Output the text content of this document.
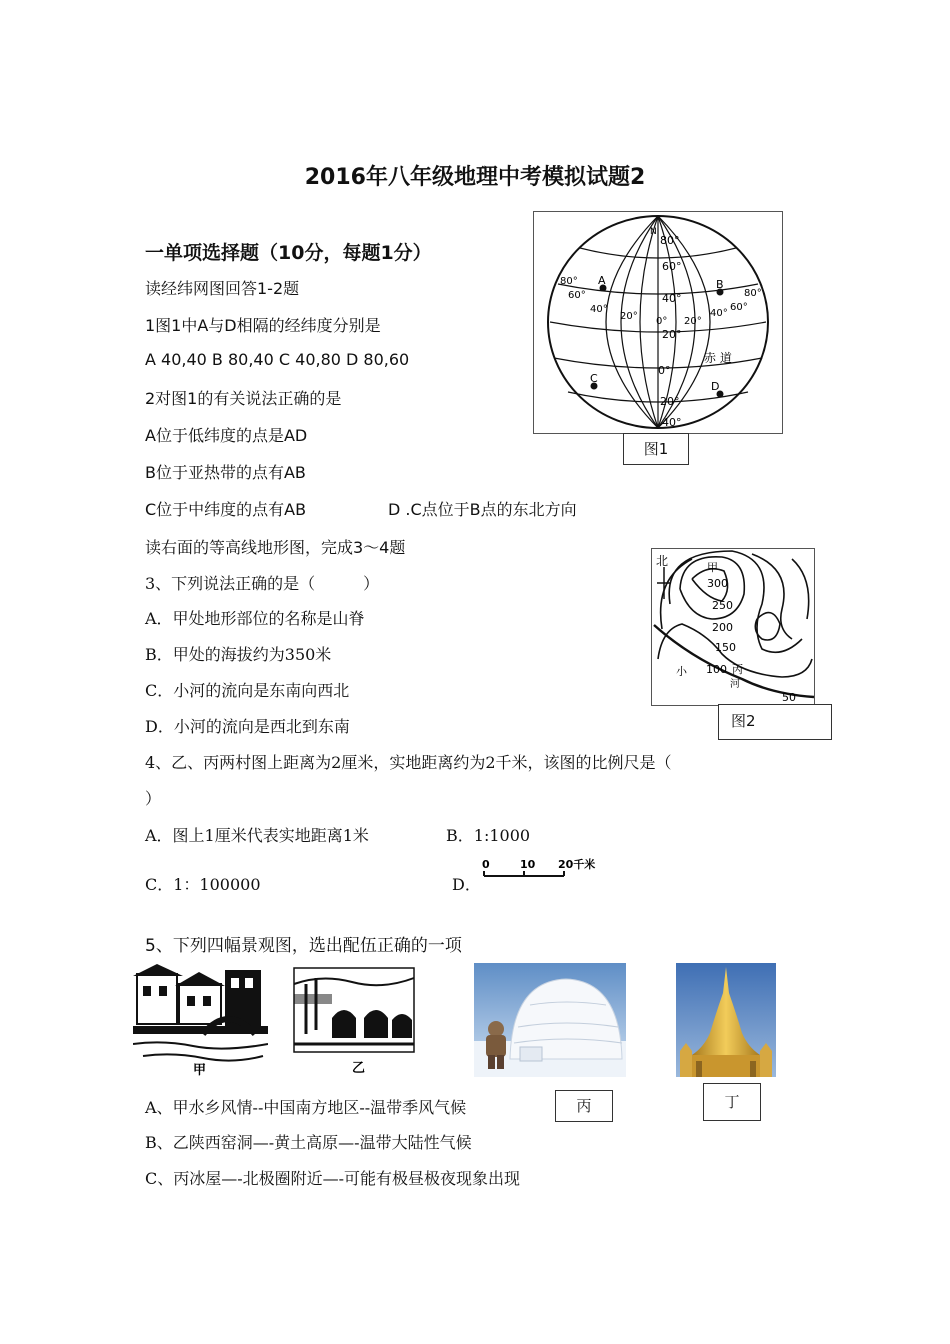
2016年八年级地理中考模拟试题2
一单项选择题（10分，每题1分）
读经纬网图回答1-2题
1图1中A与D相隔的经纬度分别是
A 40,40 B 80,40 C 40,80 D 80,60
2对图1的有关说法正确的是
A位于低纬度的点是AD
B位于亚热带的点有AB
C位于中纬度的点有AB	D .C点位于B点的东北方向
读右面的等高线地形图，完成3～4题
3、下列说法正确的是（　　　）
A．甲处地形部位的名称是山脊
B．甲处的海拔约为350米
C．小河的流向是东南向西北
D．小河的流向是西北到东南
4、乙、丙两村图上距离为2厘米，实地距离约为2千米，该图的比例尺是（
）
A．图上1厘米代表实地距离1米	B．1:1000
C．1：100000	D．
0	10 20千米
5、下列四幅景观图，选出配伍正确的一项
A、甲水乡风情--中国南方地区--温带季风气候
B、乙陕西窑洞—-黄土高原—-温带大陆性气候
C、丙冰屋—-北极圈附近—-可能有极昼极夜现象出现
N
80°
60°
40°
20°
0°
20°
40°
80°
60°
40°
20° 0° 20°
40°
60°
80°
A	B
C
D
赤 道
图1
北	甲
300
250
200
150
100 丙
河
小
50
图2
甲	乙
丙	丁
